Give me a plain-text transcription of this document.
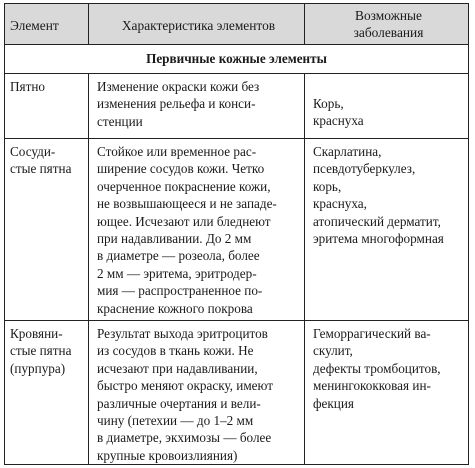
Элемент	Характеристика элементов
Возможные
заболевания
Первичные кожные элементы
Пятно	Изменение окраски кожи без
изменения рельефа и конси-
стенции
Корь,
краснуха
Сосуди-
стые пятна
Стойкое или временное рас-
ширение сосудов кожи. Четко
очерченное покраснение кожи,
не возвышающееся и не западе-
ющее. Исчезают или бледнеют
при надавливании. До 2 мм
в диаметре — розеола, более
2 мм — эритема, эритродер-
мия — распространенное по-
краснение кожного покрова
Скарлатина,
псевдотуберкулез,
корь,
краснуха,
атопический дерматит,
эритема многоформная
Кровяни-
стые пятна
(пурпура)
Результат выхода эритроцитов
из сосудов в ткань кожи. Не
исчезают при надавливании,
быстро меняют окраску, имеют
различные очертания и вели-
чину (петехии — до 1–2 мм
в диаметре, экхимозы — более
крупные кровоизлияния)
Геморрагический ва-
скулит,
дефекты тромбоцитов,
менингококковая ин-
фекция
